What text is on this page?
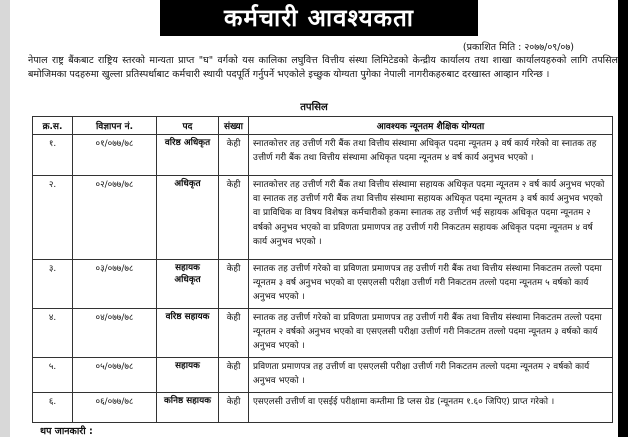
कर्मचारी आवश्यकता
(प्रकाशित मिति : २०७७/०९/०७)
नेपाल राष्ट्र बैंकबाट राष्ट्रिय स्तरको मान्यता प्राप्त "घ" वर्गको यस कालिका लघुवित्त वित्तीय संस्था लिमिटेडको केन्द्रीय कार्यालय तथा शाखा कार्यालयहरुको लागि तपसिल बमोजिमका पदहरुमा खुल्ला प्रतिस्पर्धाबाट कर्मचारी स्थायी पदपूर्ति गर्नुपर्ने भएकोले इच्छुक योग्यता पुगेका नेपाली नागरीकहरुबाट दरखास्त आव्हान गरिन्छ ।
तपसिल
क्र.स.	विज्ञापन नं.	पद	संख्या	आवश्यक न्यूनतम शैक्षिक योग्यता
१.	०१/०७७/७८	वरिष्ठ अधिकृत	केही	स्नातकोत्तर तह उत्तीर्ण गरी बैंक तथा वित्तीय संस्थामा अधिकृत पदमा न्यूनतम ३ वर्ष कार्य गरेको वा स्नातक तह उत्तीर्ण गरी बैंक तथा वित्तीय संस्थामा अधिकृत पदमा न्यूनतम ४ वर्ष कार्य अनुभव भएको ।
२.	०२/०७७/७८	अधिकृत	केही	स्नातकोत्तर तह उत्तीर्ण गरी बैंक तथा वित्तीय संस्थामा सहायक अधिकृत पदमा न्यूनतम २ वर्ष कार्य अनुभव भएको वा स्नातक तह उत्तीर्ण गरी बैंक तथा वित्तीय संस्थामा सहायक अधिकृत पदमा न्यूनतम ३ वर्ष कार्य अनुभव भएको वा प्राविधिक वा विषय विशेषज्ञ कर्मचारीको हकमा स्नातक तह उत्तीर्ण भई सहायक अधिकृत पदमा न्यूनतम २ वर्षको अनुभव भएको वा प्रविणता प्रमाणपत्र तह उत्तीर्ण गरी निकटतम सहायक अधिकृत पदमा न्यूनतम ४ वर्ष कार्य अनुभव भएको ।
३.	०३/०७७/७८	सहायक अधिकृत	केही	स्नातक तह उत्तीर्ण गरेको वा प्रविणता प्रमाणपत्र तह उत्तीर्ण गरी बैंक तथा वित्तीय संस्थामा निकटतम तल्लो पदमा न्यूनतम ३ वर्ष अनुभव भएको वा एसएलसी परीक्षा उत्तीर्ण गरी निकटतम तल्लो पदमा न्यूनतम ५ वर्षको कार्य अनुभव भएको ।
४.	०४/०७७/७८	वरिष्ठ सहायक	केही	स्नातक तह उत्तीर्ण गरेको वा प्रविणता प्रमाणपत्र तह उत्तीर्ण गरी बैंक तथा वित्तीय संस्थामा निकटतम तल्लो पदमा न्यूनतम २ वर्षको अनुभव भएको वा एसएलसी परीक्षा उत्तीर्ण गरी निकटतम तल्लो पदमा न्यूनतम ३ वर्षको कार्य अनुभव भएको ।
५.	०५/०७७/७८	सहायक	केही	प्रविणता प्रमाणपत्र तह उत्तीर्ण वा एसएलसी परीक्षा उत्तीर्ण गरी निकटतम तल्लो पदमा न्यूनतम २ वर्षको कार्य अनुभव भएको ।
६.	०६/०७७/७८	कनिष्ठ सहायक	केही	एसएलसी उत्तीर्ण वा एसईई परीक्षामा कम्तीमा डि प्लस ग्रेड (न्यूनतम १.६० जिपिए) प्राप्त गरेको ।
थप जानकारी :
